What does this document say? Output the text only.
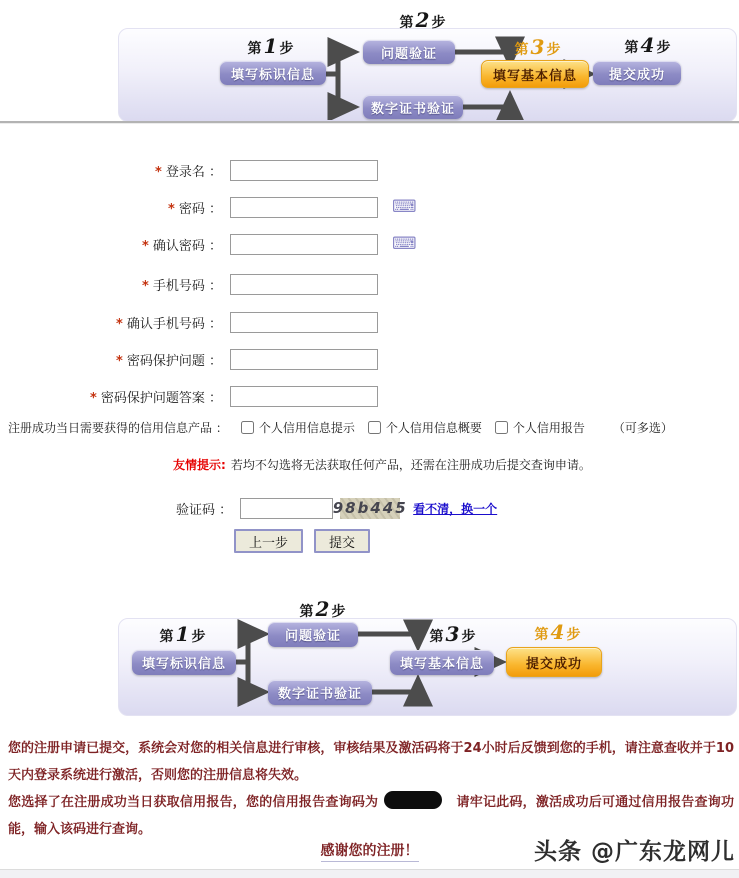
第2步
第1步	第3步	第4步
填写标识信息
问题验证
数字证书验证
填写基本信息	提交成功
* 登录名 ：
* 密码 ：	⌨
* 确认密码 ：	⌨
* 手机号码 ：
* 确认手机号码 ：
* 密码保护问题 ：
* 密码保护问题答案 ：
注册成功当日需要获得的信用信息产品 ：	个人信用信息提示	个人信用信息概要	个人信用报告 （可多选）
友情提示: 若均不勾选将无法获取任何产品，还需在注册成功后提交查询申请。
验证码 ：	98b445 看不清，换一个
上一步	提交
第2步
第1步	第3步	第4步
填写标识信息
问题验证
数字证书验证
填写基本信息	提交成功
您的注册申请已提交，系统会对您的相关信息进行审核，审核结果及激活码将于24小时后反馈到您的手机，请注意查收并于10天内登录系统进行激活，否则您的注册信息将失效。
您选择了在注册成功当日获取信用报告，您的信用报告查询码为	请牢记此码，激活成功后可通过信用报告查询功能，输入该码进行查询。
感谢您的注册！	头条 @广东龙网儿
